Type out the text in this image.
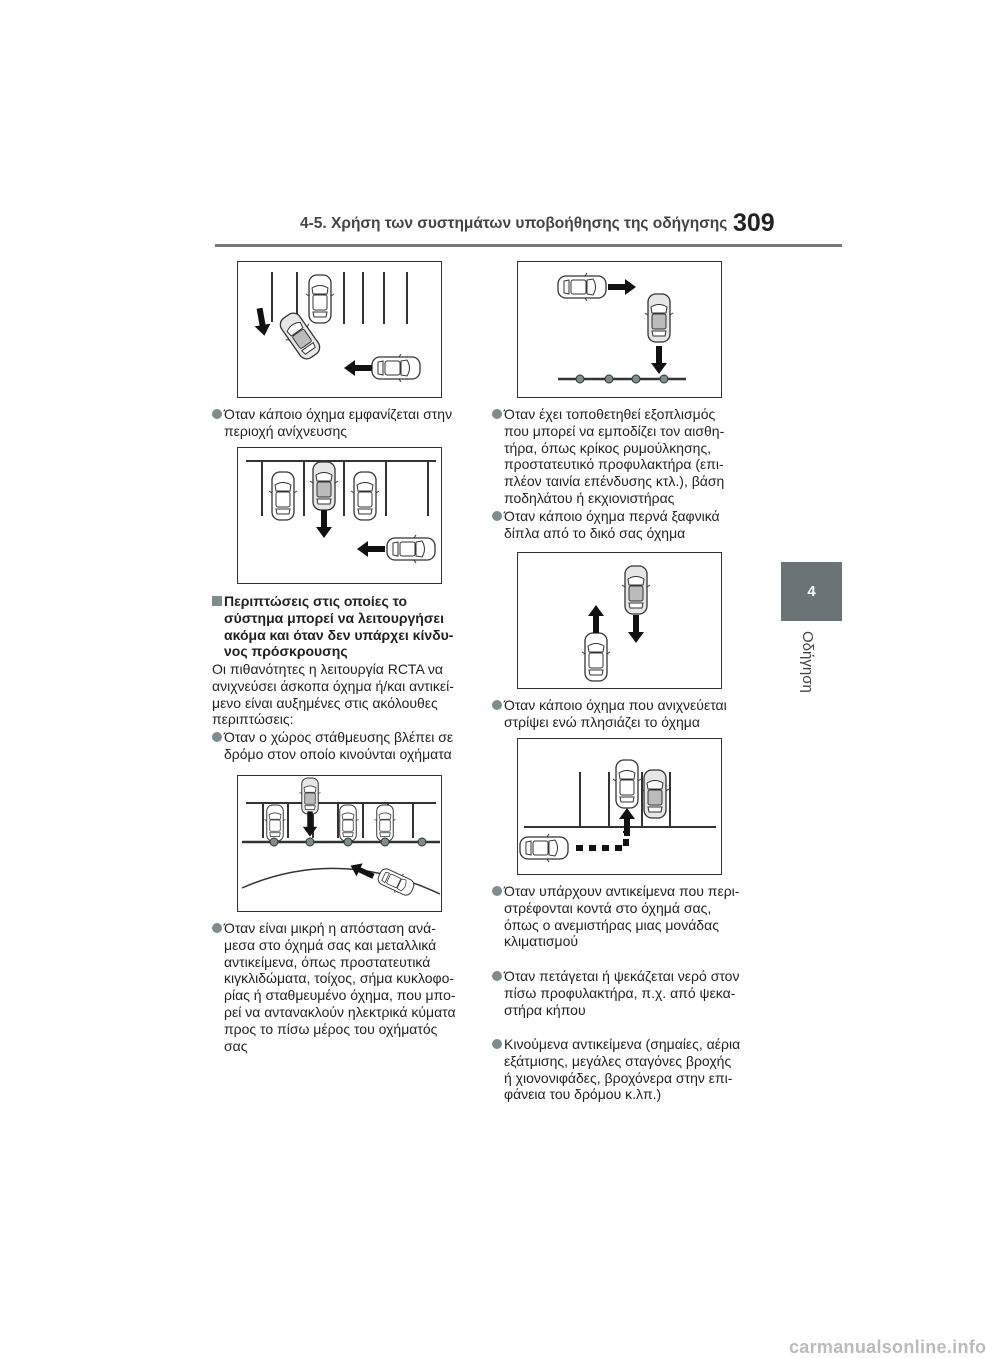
4-5. Χρήση των συστημάτων υποβοήθησης της οδήγησης 309
4
Οδήγηση
Όταν κάποιο όχημα εμφανίζεται στην
περιοχή ανίχνευσης
Περιπτώσεις στις οποίες το
σύστημα μπορεί να λειτουργήσει
ακόμα και όταν δεν υπάρχει κίνδυ-
νος πρόσκρουσης
Οι πιθανότητες η λειτουργία RCTA να
ανιχνεύσει άσκοπα όχημα ή/και αντικεί-
μενο είναι αυξημένες στις ακόλουθες
περιπτώσεις:
Όταν ο χώρος στάθμευσης βλέπει σε
δρόμο στον οποίο κινούνται οχήματα
Όταν είναι μικρή η απόσταση ανά-
μεσα στο όχημά σας και μεταλλικά
αντικείμενα, όπως προστατευτικά
κιγκλιδώματα, τοίχος, σήμα κυκλοφο-
ρίας ή σταθμευμένο όχημα, που μπο-
ρεί να αντανακλούν ηλεκτρικά κύματα
προς το πίσω μέρος του οχήματός
σας
Όταν έχει τοποθετηθεί εξοπλισμός
που μπορεί να εμποδίζει τον αισθη-
τήρα, όπως κρίκος ρυμούλκησης,
προστατευτικό προφυλακτήρα (επι-
πλέον ταινία επένδυσης κτλ.), βάση
ποδηλάτου ή εκχιονιστήρας
Όταν κάποιο όχημα περνά ξαφνικά
δίπλα από το δικό σας όχημα
Όταν κάποιο όχημα που ανιχνεύεται
στρίψει ενώ πλησιάζει το όχημα
Όταν υπάρχουν αντικείμενα που περι-
στρέφονται κοντά στο όχημά σας,
όπως ο ανεμιστήρας μιας μονάδας
κλιματισμού
Όταν πετάγεται ή ψεκάζεται νερό στον
πίσω προφυλακτήρα, π.χ. από ψεκα-
στήρα κήπου
Κινούμενα αντικείμενα (σημαίες, αέρια
εξάτμισης, μεγάλες σταγόνες βροχής
ή χιονονιφάδες, βροχόνερα στην επι-
φάνεια του δρόμου κ.λπ.)
carmanualsonline.info
